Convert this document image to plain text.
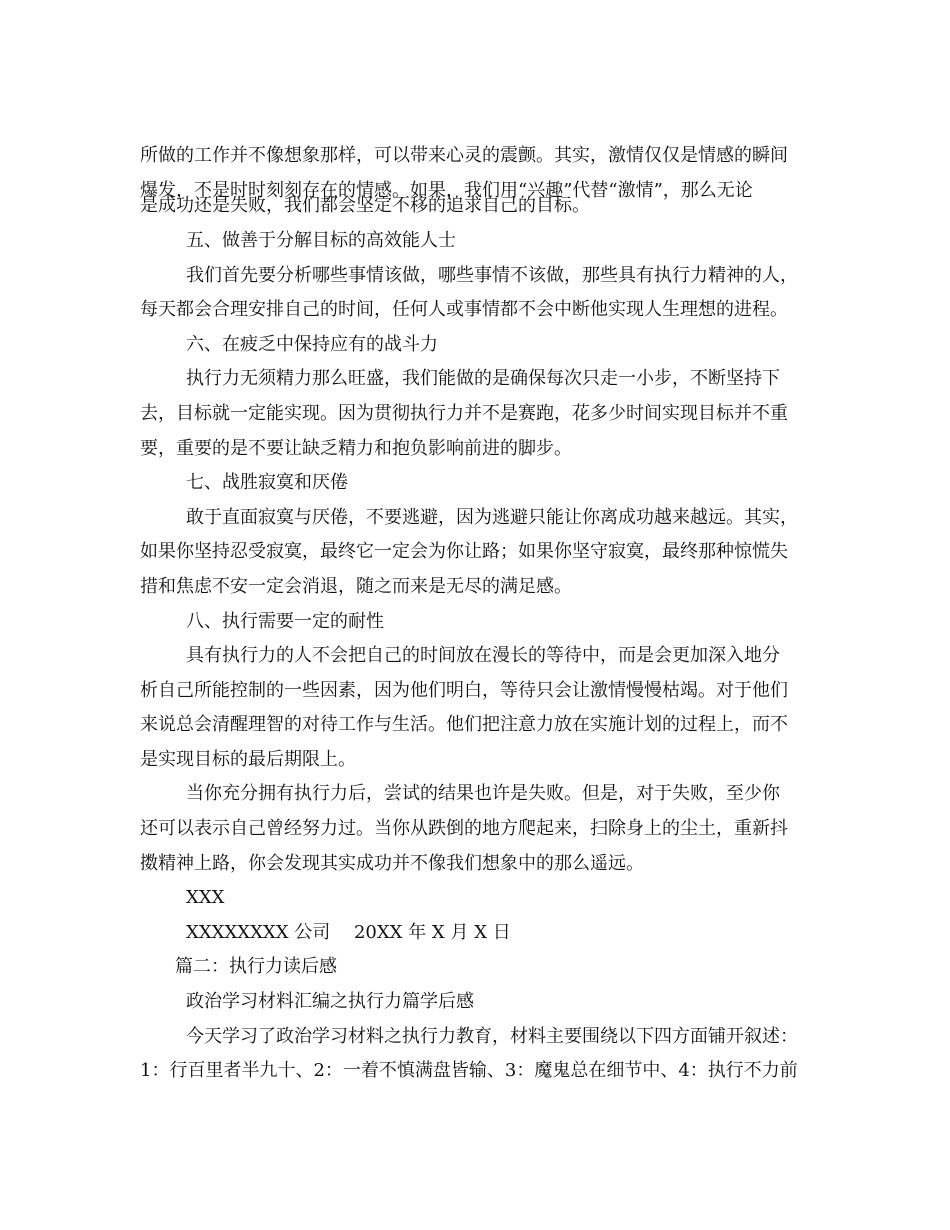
所做的工作并不像想象那样，可以带来心灵的震颤。其实，激情仅仅是情感的瞬间
爆发，不是时时刻刻存在的情感。如果，我们用“兴趣”代替“激情”，那么无论
是成功还是失败，我们都会坚定不移的追求自己的目标。
五、做善于分解目标的高效能人士
我们首先要分析哪些事情该做，哪些事情不该做，那些具有执行力精神的人，
每天都会合理安排自己的时间，任何人或事情都不会中断他实现人生理想的进程。
六、在疲乏中保持应有的战斗力
执行力无须精力那么旺盛，我们能做的是确保每次只走一小步，不断坚持下
去，目标就一定能实现。因为贯彻执行力并不是赛跑，花多少时间实现目标并不重
要，重要的是不要让缺乏精力和抱负影响前进的脚步。
七、战胜寂寞和厌倦
敢于直面寂寞与厌倦，不要逃避，因为逃避只能让你离成功越来越远。其实，
如果你坚持忍受寂寞，最终它一定会为你让路；如果你坚守寂寞，最终那种惊慌失
措和焦虑不安一定会消退，随之而来是无尽的满足感。
八、执行需要一定的耐性
具有执行力的人不会把自己的时间放在漫长的等待中，而是会更加深入地分
析自己所能控制的一些因素，因为他们明白，等待只会让激情慢慢枯竭。对于他们
来说总会清醒理智的对待工作与生活。他们把注意力放在实施计划的过程上，而不
是实现目标的最后期限上。
当你充分拥有执行力后，尝试的结果也许是失败。但是，对于失败，至少你
还可以表示自己曾经努力过。当你从跌倒的地方爬起来，扫除身上的尘土，重新抖
擞精神上路，你会发现其实成功并不像我们想象中的那么遥远。
XXX
XXXXXXXX 公司　 20XX 年 X 月 X 日
篇二：执行力读后感
政治学习材料汇编之执行力篇学后感
今天学习了政治学习材料之执行力教育，材料主要围绕以下四方面铺开叙述：
1：行百里者半九十、2：一着不慎满盘皆输、3：魔鬼总在细节中、4：执行不力前
